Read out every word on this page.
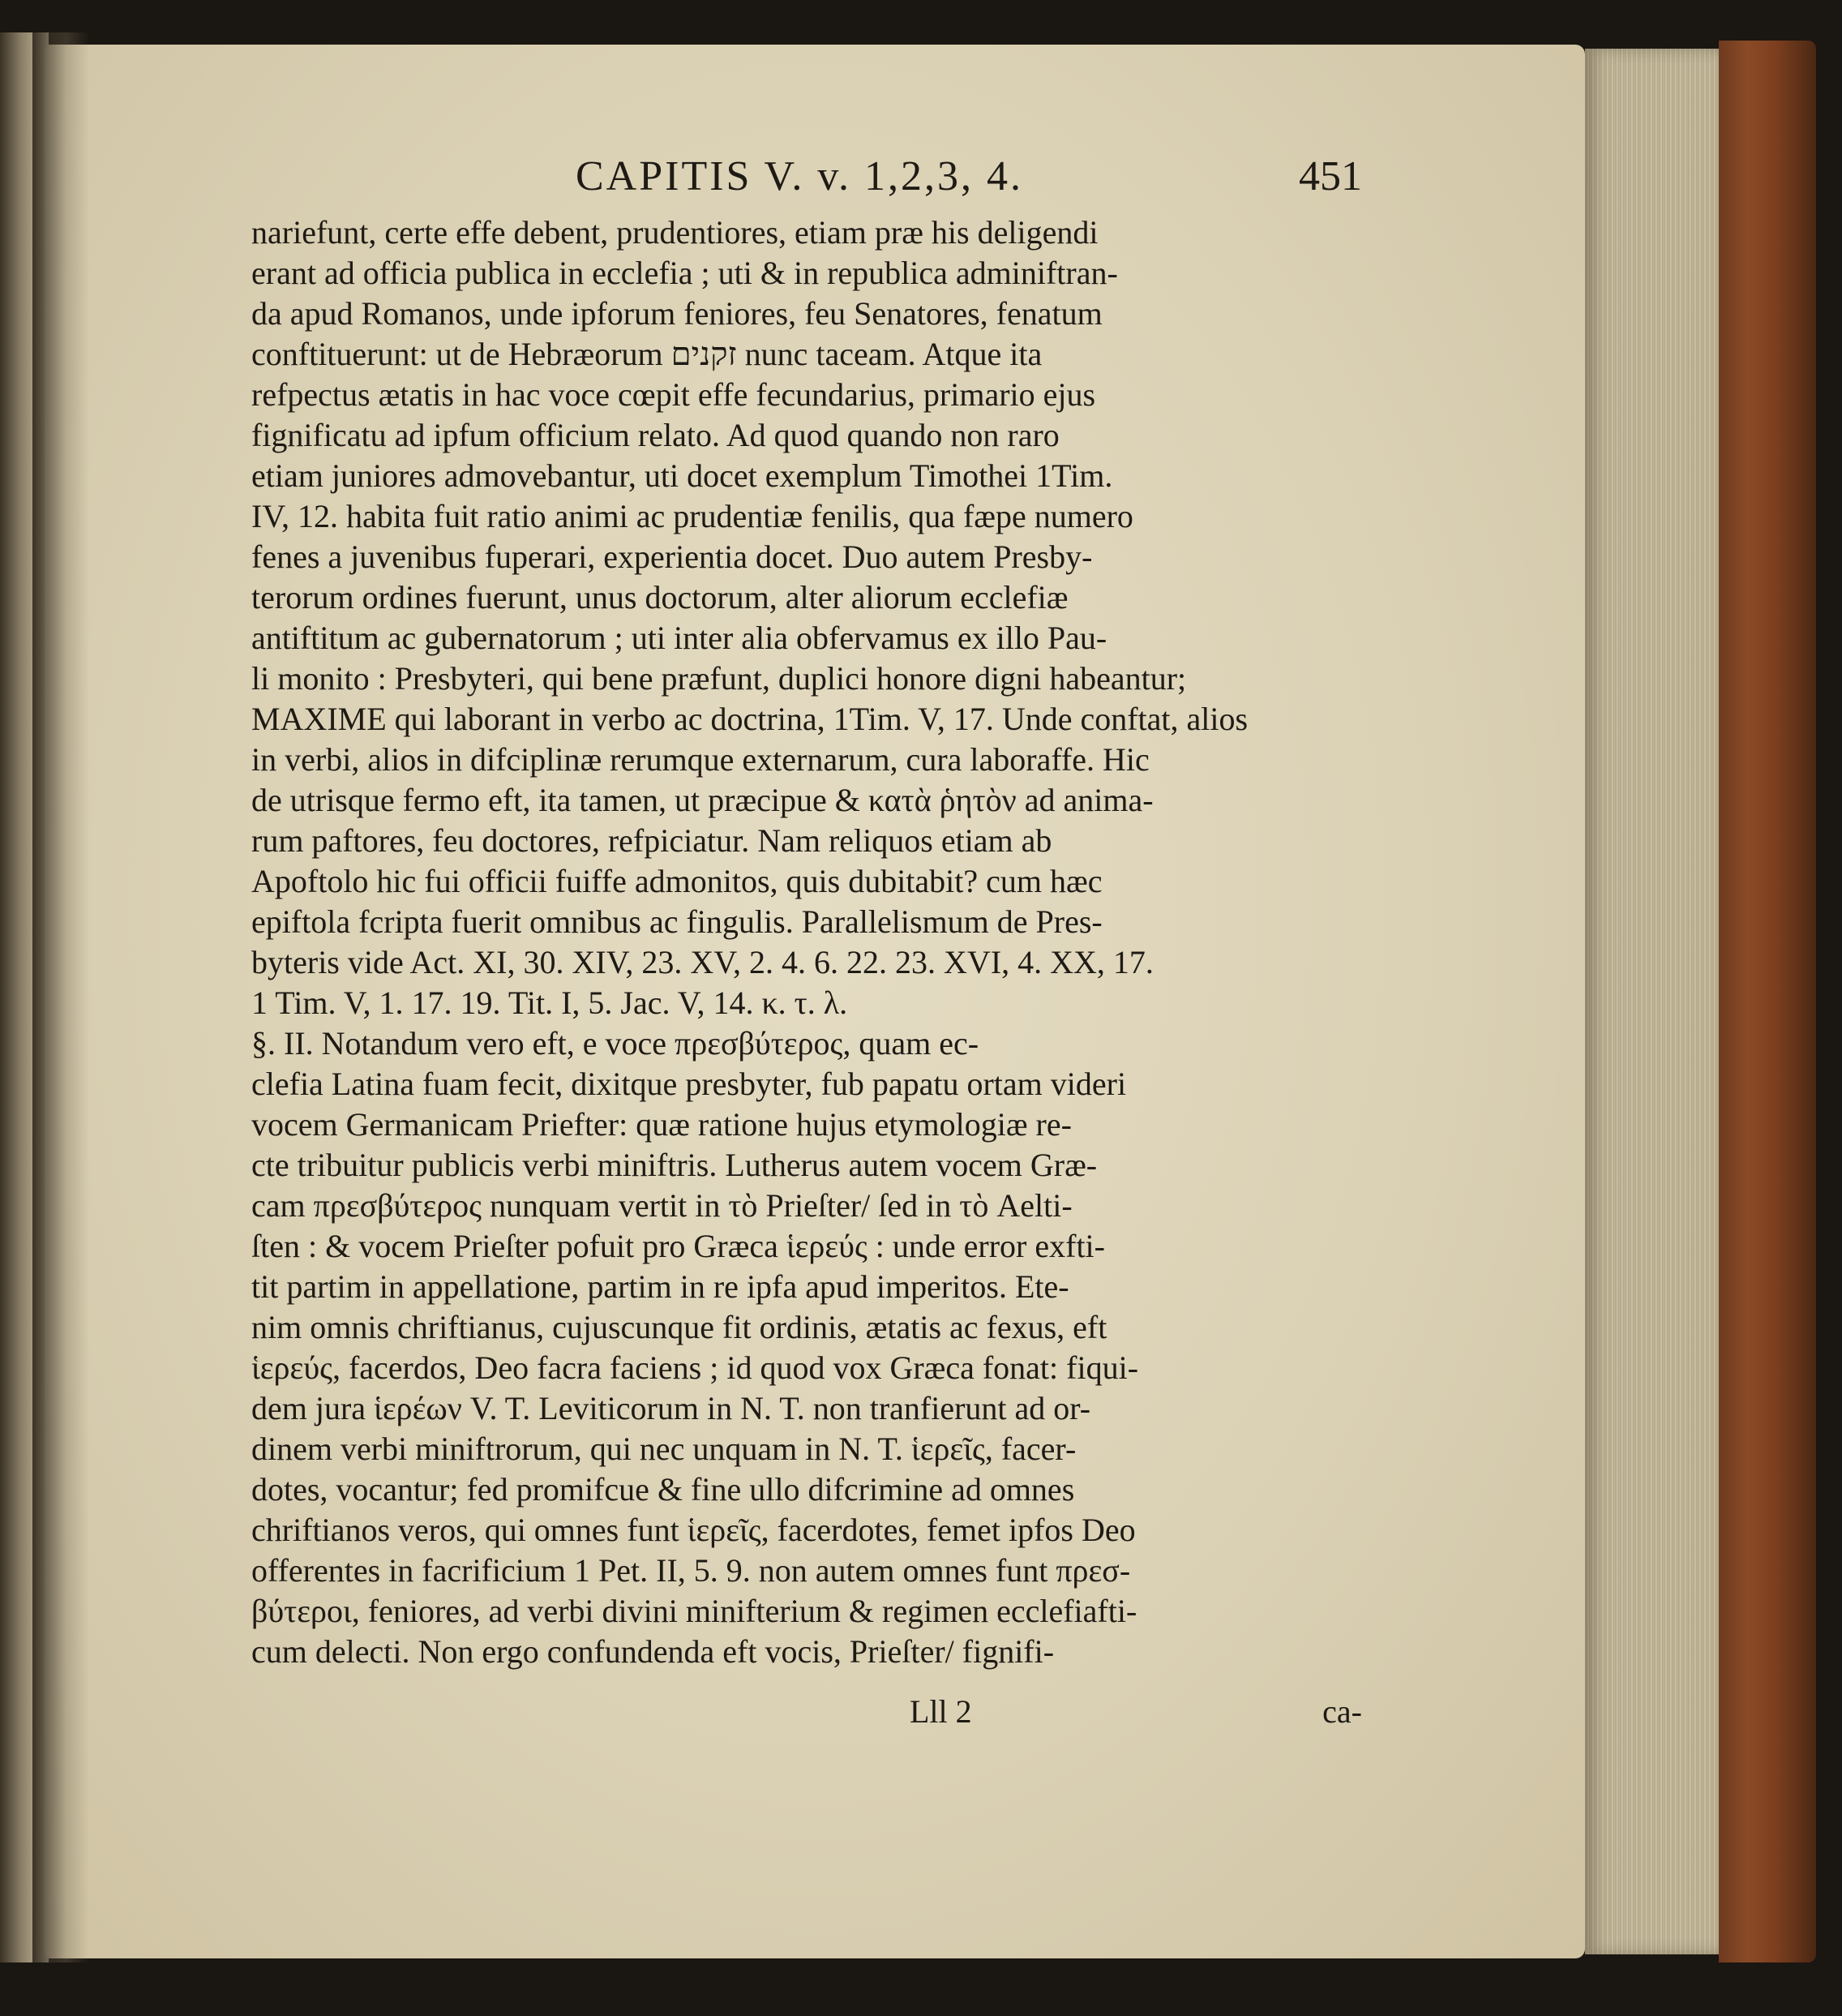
CAPITIS V. v. 1,2,3, 4.	451
nariefunt, certe effe debent, prudentiores, etiam præ his deligendi
erant ad officia publica in ecclefia ; uti & in republica adminiftran-
da apud Romanos, unde ipforum feniores, feu Senatores, fenatum
conftituerunt: ut de Hebræorum זקנים nunc taceam. Atque ita
refpectus ætatis in hac voce cœpit effe fecundarius, primario ejus
fignificatu ad ipfum officium relato. Ad quod quando non raro
etiam juniores admovebantur, uti docet exemplum Timothei 1Tim.
IV, 12. habita fuit ratio animi ac prudentiæ fenilis, qua fæpe numero
fenes a juvenibus fuperari, experientia docet. Duo autem Presby-
terorum ordines fuerunt, unus doctorum, alter aliorum ecclefiæ
antiftitum ac gubernatorum ; uti inter alia obfervamus ex illo Pau-
li monito : Presbyteri, qui bene præfunt, duplici honore digni habeantur;
MAXIME qui laborant in verbo ac doctrina, 1Tim. V, 17. Unde conftat, alios
in verbi, alios in difciplinæ rerumque externarum, cura laboraffe. Hic
de utrisque fermo eft, ita tamen, ut præcipue & κατὰ ῥητὸν ad anima-
rum paftores, feu doctores, refpiciatur. Nam reliquos etiam ab
Apoftolo hic fui officii fuiffe admonitos, quis dubitabit? cum hæc
epiftola fcripta fuerit omnibus ac fingulis. Parallelismum de Pres-
byteris vide Act. XI, 30. XIV, 23. XV, 2. 4. 6. 22. 23. XVI, 4. XX, 17.
1 Tim. V, 1. 17. 19. Tit. I, 5. Jac. V, 14. κ. τ. λ.
§. II. Notandum vero eft, e voce πρεσβύτερος, quam ec-
clefia Latina fuam fecit, dixitque presbyter, fub papatu ortam videri
vocem Germanicam Priefter: quæ ratione hujus etymologiæ re-
cte tribuitur publicis verbi miniftris. Lutherus autem vocem Græ-
cam πρεσβύτερος nunquam vertit in τὸ Prieſter/ ſed in τὸ Aelti-
ſten : & vocem Prieſter pofuit pro Græca ἱερεύς : unde error exfti-
tit partim in appellatione, partim in re ipfa apud imperitos. Ete-
nim omnis chriftianus, cujuscunque fit ordinis, ætatis ac fexus, eft
ἱερεύς, facerdos, Deo facra faciens ; id quod vox Græca fonat: fiqui-
dem jura ἱερέων V. T. Leviticorum in N. T. non tranfierunt ad or-
dinem verbi miniftrorum, qui nec unquam in N. T. ἱερεῖς, facer-
dotes, vocantur; fed promifcue & fine ullo difcrimine ad omnes
chriftianos veros, qui omnes funt ἱερεῖς, facerdotes, femet ipfos Deo
offerentes in facrificium 1 Pet. II, 5. 9. non autem omnes funt πρεσ-
βύτεροι, feniores, ad verbi divini minifterium & regimen ecclefiafti-
cum delecti. Non ergo confundenda eft vocis, Prieſter/ fignifi-
Lll 2	ca-
